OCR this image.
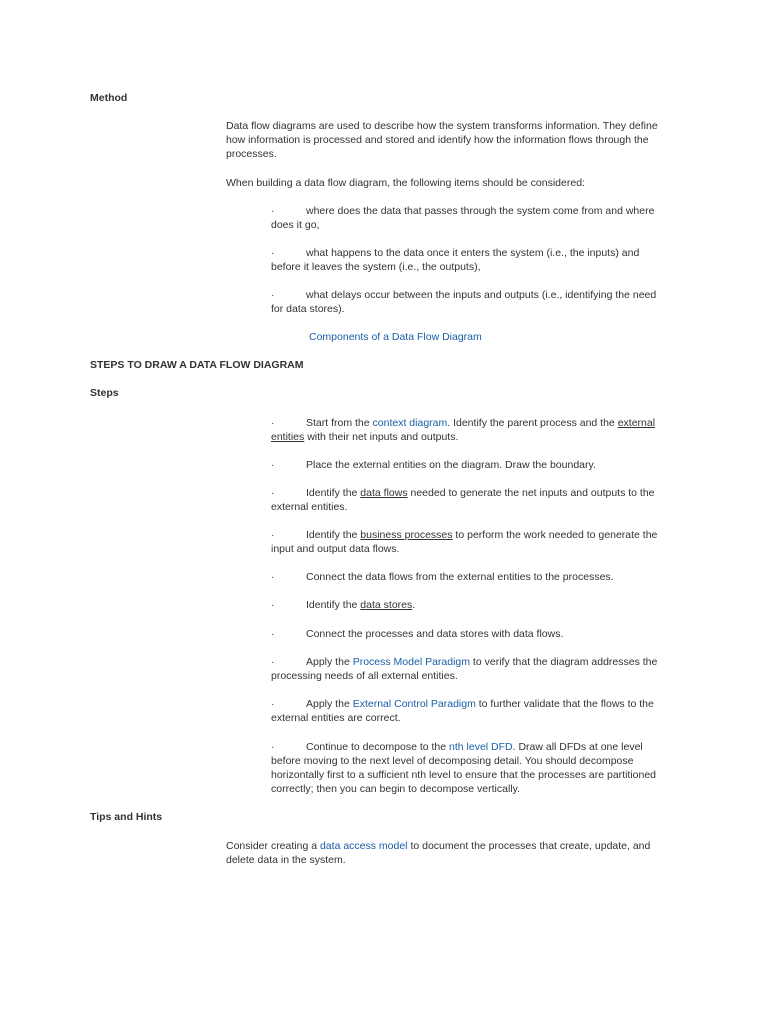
Method
Data flow diagrams are used to describe how the system transforms information. They define how information is processed and stored and identify how the information flows through the processes.
When building a data flow diagram, the following items should be considered:
·	where does the data that passes through the system come from and where does it go,
·	what happens to the data once it enters the system (i.e., the inputs) and before it leaves the system (i.e., the outputs),
·	what delays occur between the inputs and outputs (i.e., identifying the need for data stores).
Components of a Data Flow Diagram
STEPS TO DRAW A DATA FLOW DIAGRAM
Steps
·	Start from the context diagram. Identify the parent process and the external entities with their net inputs and outputs.
·	Place the external entities on the diagram. Draw the boundary.
·	Identify the data flows needed to generate the net inputs and outputs to the external entities.
·	Identify the business processes to perform the work needed to generate the input and output data flows.
·	Connect the data flows from the external entities to the processes.
·	Identify the data stores.
·	Connect the processes and data stores with data flows.
·	Apply the Process Model Paradigm to verify that the diagram addresses the processing needs of all external entities.
·	Apply the External Control Paradigm to further validate that the flows to the external entities are correct.
·	Continue to decompose to the nth level DFD. Draw all DFDs at one level before moving to the next level of decomposing detail. You should decompose horizontally first to a sufficient nth level to ensure that the processes are partitioned correctly; then you can begin to decompose vertically.
Tips and Hints
Consider creating a data access model to document the processes that create, update, and delete data in the system.
